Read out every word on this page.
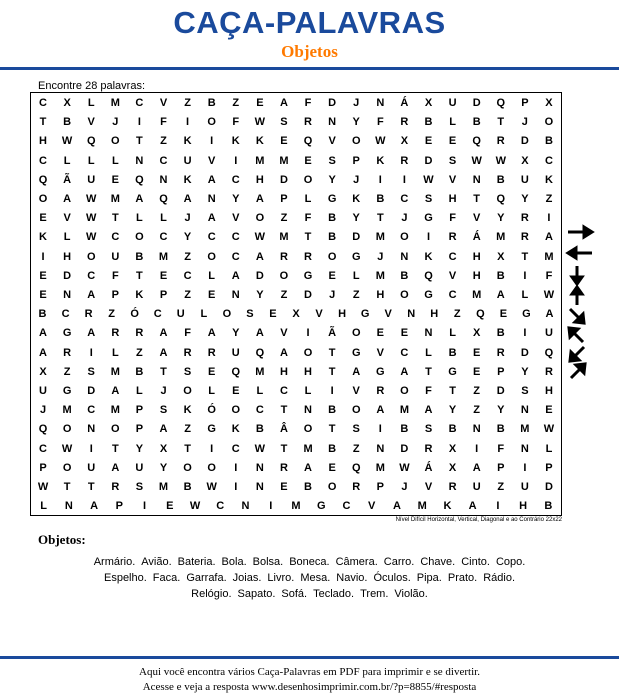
CAÇA-PALAVRAS
Objetos
Encontre 28 palavras:
C	X	L	M	C	V	Z	B	Z	E	A	F	D	J	N	Á	X	U	D	Q	P	X
T	B	V	J	I	F	I	O	F	W	S	R	N	Y	F	R	B	L	B	T	J	O
H	W	Q	O	T	Z	K	I	K	K	E	Q	V	O	W	X	E	E	Q	R	D	B
C	L	L	L	N	C	U	V	I	M	M	E	S	P	K	R	D	S	W	W	X	C
Q	Ã	U	E	Q	N	K	A	C	H	D	O	Y	J	I	I	W	V	N	B	U	K
O	A	W	M	A	Q	A	N	Y	A	P	L	G	K	B	C	S	H	T	Q	Y	Z
E	V	W	T	L	L	J	A	V	O	Z	F	B	Y	T	J	G	F	V	Y	R	I
K	L	W	C	O	C	Y	C	C	W	M	T	B	D	M	O	I	R	Á	M	R	A
I	H	O	U	B	M	Z	O	C	A	R	R	O	G	J	N	K	C	H	X	T	M
E	D	C	F	T	E	C	L	A	D	O	G	E	L	M	B	Q	V	H	B	I	F
E	N	A	P	K	P	Z	E	N	Y	Z	D	J	Z	H	O	G	C	M	A	L	W
B	C	R	Z	Ó	C	U	L	O	S	E	X	V	H	G	V	N	H	Z	Q	E	G	A
A	G	A	R	R	A	F	A	Y	A	V	I	Ã	O	E	E	N	L	X	B	I	U
A	R	I	L	Z	A	R	R	U	Q	A	O	T	G	V	C	L	B	E	R	D	Q
X	Z	S	M	B	T	S	E	Q	M	H	H	T	A	G	A	T	G	E	P	Y	R
U	G	D	A	L	J	O	L	E	L	C	L	I	V	R	O	F	T	Z	D	S	H
J	M	C	M	P	S	K	Ó	O	C	T	N	B	O	A	M	A	Y	Z	Y	N	E
Q	O	N	O	P	A	Z	G	K	B	Â	O	T	S	I	B	S	B	N	B	M	W
C	W	I	T	Y	X	T	I	C	W	T	M	B	Z	N	D	R	X	I	F	N	L
P	O	U	A	U	Y	O	O	I	N	R	A	E	Q	M	W	Á	X	A	P	I	P
W	T	T	R	S	M	B	W	I	N	E	B	O	R	P	J	V	R	U	Z	U	D
L	N	A	P	I	E	W	C	N	I	M	G	C	V	A	M	K	A	I	H	B
Nível Difícil Horizontal, Vertical, Diagonal e ao Contrário 22x22
Objetos:
Armário. Avião. Bateria. Bola. Bolsa. Boneca. Câmera. Carro. Chave. Cinto. Copo.
Espelho. Faca. Garrafa. Joias. Livro. Mesa. Navio. Óculos. Pipa. Prato. Rádio.
Relógio. Sapato. Sofá. Teclado. Trem. Violão.
Aqui você encontra vários Caça-Palavras em PDF para imprimir e se divertir.
Acesse e veja a resposta www.desenhosimprimir.com.br/?p=8855/#resposta
